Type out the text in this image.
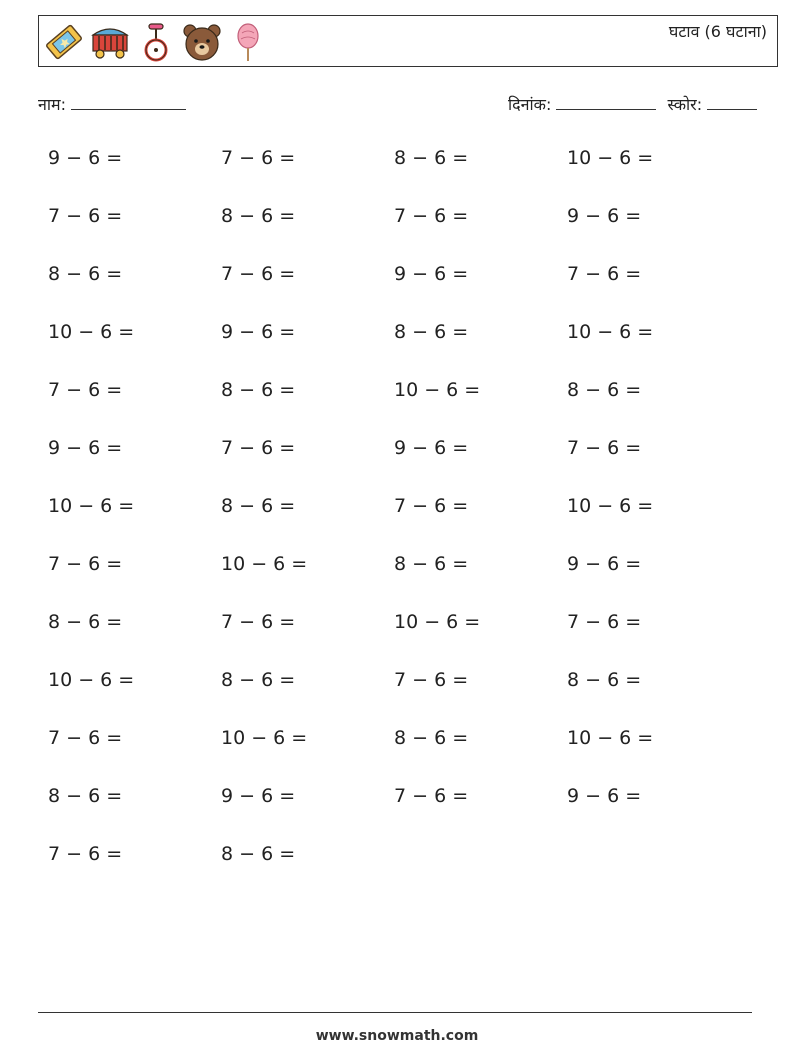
घटाव (6 घटाना)
नाम:	दिनांक:	स्कोर:
9 − 6 =	7 − 6 =	8 − 6 =	10 − 6 =
7 − 6 =	8 − 6 =	7 − 6 =	9 − 6 =
8 − 6 =	7 − 6 =	9 − 6 =	7 − 6 =
10 − 6 =	9 − 6 =	8 − 6 =	10 − 6 =
7 − 6 =	8 − 6 =	10 − 6 =	8 − 6 =
9 − 6 =	7 − 6 =	9 − 6 =	7 − 6 =
10 − 6 =	8 − 6 =	7 − 6 =	10 − 6 =
7 − 6 =	10 − 6 =	8 − 6 =	9 − 6 =
8 − 6 =	7 − 6 =	10 − 6 =	7 − 6 =
10 − 6 =	8 − 6 =	7 − 6 =	8 − 6 =
7 − 6 =	10 − 6 =	8 − 6 =	10 − 6 =
8 − 6 =	9 − 6 =	7 − 6 =	9 − 6 =
7 − 6 =	8 − 6 =
www.snowmath.com
